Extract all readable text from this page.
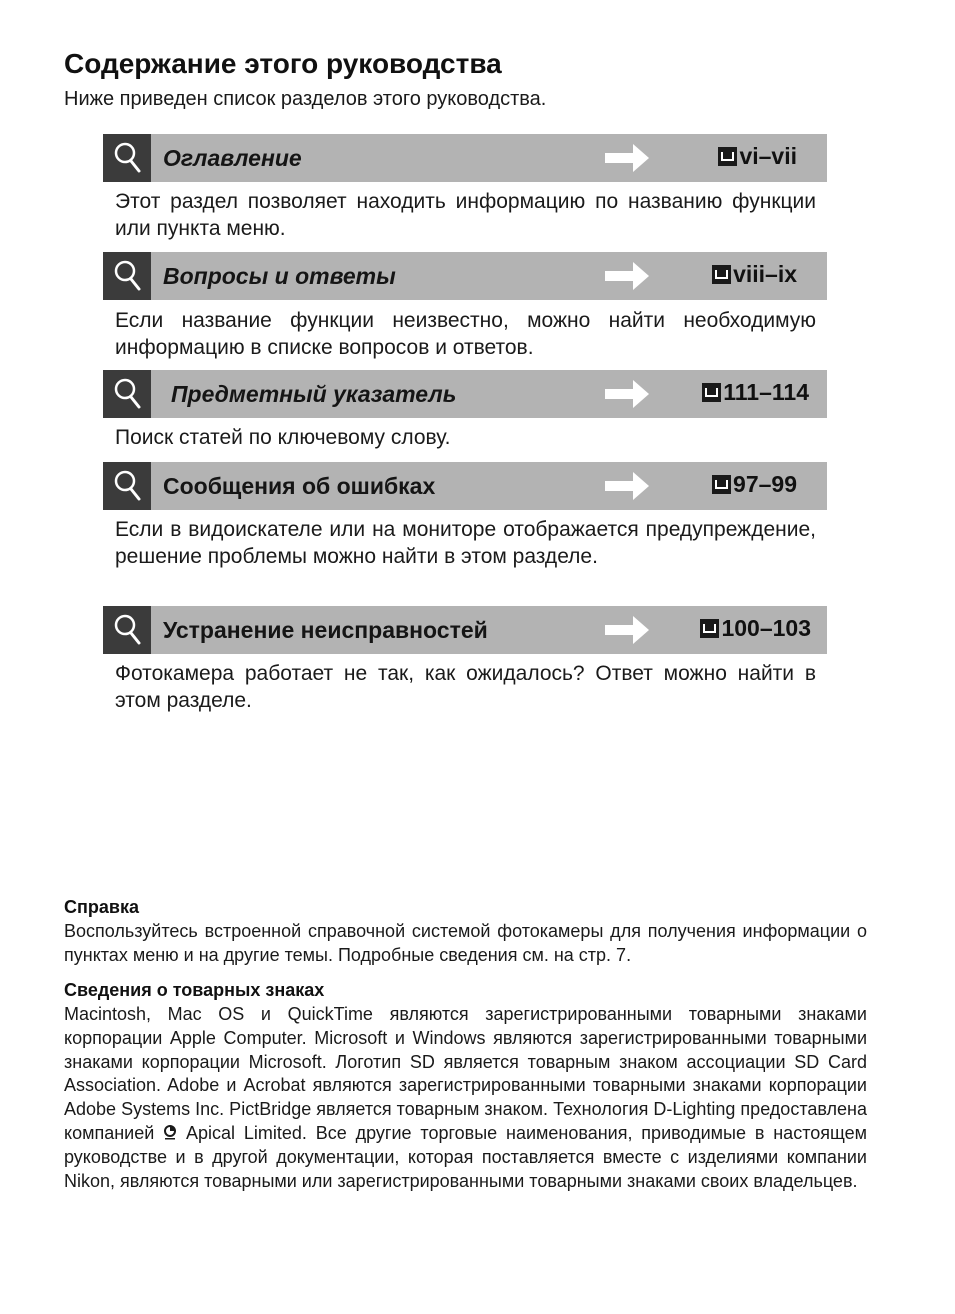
Содержание этого руководства
Ниже приведен список разделов этого руководства.
Оглавление	vi–vii
Этот раздел позволяет находить информацию по названию функции или пункта меню.
Вопросы и ответы	viii–ix
Если название функции неизвестно, можно найти необходимую информацию в списке вопросов и ответов.
Предметный указатель	111–114
Поиск статей по ключевому слову.
Сообщения об ошибках	97–99
Если в видоискателе или на мониторе отображается предупреждение, решение проблемы можно найти в этом разделе.
Устранение неисправностей	100–103
Фотокамера работает не так, как ожидалось? Ответ можно найти в этом разделе.
Справка
Воспользуйтесь встроенной справочной системой фотокамеры для получения информации о пунктах меню и на другие темы. Подробные сведения см. на стр. 7.
Сведения о товарных знаках
Macintosh, Mac OS и QuickTime являются зарегистрированными товарными знаками корпорации Apple Computer. Microsoft и Windows являются зарегистрированными товарными знаками корпорации Microsoft. Логотип SD является товарным знаком ассоциации SD Card Association. Adobe и Acrobat являются зарегистрированными товарными знаками корпорации Adobe Systems Inc. PictBridge является товарным знаком. Технология D-Lighting предоставлена компанией Apical Limited. Все другие торговые наименования, приводимые в настоящем руководстве и в другой документации, которая поставляется вместе с изделиями компании Nikon, являются товарными или зарегистрированными товарными знаками своих владельцев.
